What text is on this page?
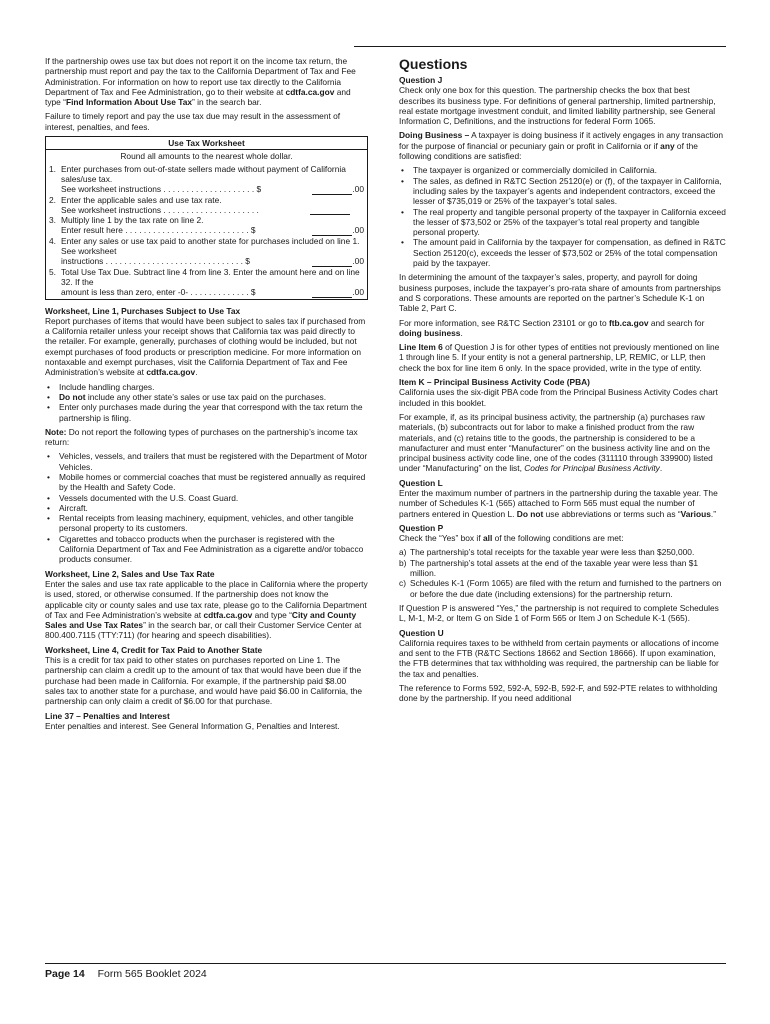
If the partnership owes use tax but does not report it on the income tax return, the partnership must report and pay the tax to the California Department of Tax and Fee Administration. For information on how to report use tax directly to the California Department of Tax and Fee Administration, go to their website at cdtfa.ca.gov and type “Find Information About Use Tax” in the search bar.

Failure to timely report and pay the use tax due may result in the assessment of interest, penalties, and fees.

Use Tax Worksheet
Round all amounts to the nearest whole dollar.
1. Enter purchases from out-of-state sellers made without payment of California sales/use tax.
See worksheet instructions . . . . . . . . . . . . . . . . . . . . $	.00
2. Enter the applicable sales and use tax rate.
See worksheet instructions . . . . . . . . . . . . . . . . . . . . .
3. Multiply line 1 by the tax rate on line 2.
Enter result here . . . . . . . . . . . . . . . . . . . . . . . . . . . $	.00
4. Enter any sales or use tax paid to another state for purchases included on line 1. See worksheet
instructions . . . . . . . . . . . . . . . . . . . . . . . . . . . . . . $	.00
5. Total Use Tax Due. Subtract line 4 from line 3. Enter the amount here and on line 32. If the
amount is less than zero, enter -0- . . . . . . . . . . . . . $	.00
Worksheet, Line 1, Purchases Subject to Use Tax

Report purchases of items that would have been subject to sales tax if purchased from a California retailer unless your receipt shows that California tax was paid directly to the retailer. For example, generally, purchases of clothing would be included, but not exempt purchases of food products or prescription medicine. For more information on nontaxable and exempt purchases, visit the California Department of Tax and Fee Administration’s website at cdtfa.ca.gov.

• Include handling charges.
• Do not include any other state’s sales or use tax paid on the purchases.
• Enter only purchases made during the year that correspond with the tax return the partnership is filing.

Note: Do not report the following types of purchases on the partnership’s income tax return:

• Vehicles, vessels, and trailers that must be registered with the Department of Motor Vehicles.
• Mobile homes or commercial coaches that must be registered annually as required by the Health and Safety Code.
• Vessels documented with the U.S. Coast Guard.
• Aircraft.
• Rental receipts from leasing machinery, equipment, vehicles, and other tangible personal property to its customers.
• Cigarettes and tobacco products when the purchaser is registered with the California Department of Tax and Fee Administration as a cigarette and/or tobacco products consumer.
Worksheet, Line 2, Sales and Use Tax Rate

Enter the sales and use tax rate applicable to the place in California where the property is used, stored, or otherwise consumed. If the partnership does not know the applicable city or county sales and use tax rate, please go to the California Department of Tax and Fee Administration’s website at cdtfa.ca.gov and type “City and County Sales and Use Tax Rates” in the search bar, or call their Customer Service Center at 800.400.7115 (TTY:711) (for hearing and speech disabilities).

Worksheet, Line 4, Credit for Tax Paid to Another State

This is a credit for tax paid to other states on purchases reported on Line 1. The partnership can claim a credit up to the amount of tax that would have been due if the purchase had been made in California. For example, if the partnership paid $8.00 sales tax to another state for a purchase, and would have paid $6.00 in California, the partnership can only claim a credit of $6.00 for that purchase.

Line 37 – Penalties and Interest

Enter penalties and interest. See General Information G, Penalties and Interest.

Questions
Question J

Check only one box for this question. The partnership checks the box that best describes its business type. For definitions of general partnership, limited partnership, real estate mortgage investment conduit, and limited liability partnership, see General Information C, Definitions, and the instructions for federal Form 1065.

Doing Business – A taxpayer is doing business if it actively engages in any transaction for the purpose of financial or pecuniary gain or profit in California or if any of the following conditions are satisfied:

• The taxpayer is organized or commercially domiciled in California.
• The sales, as defined in R&TC Section 25120(e) or (f), of the taxpayer in California, including sales by the taxpayer’s agents and independent contractors, exceed the lesser of $735,019 or 25% of the taxpayer’s total sales.
• The real property and tangible personal property of the taxpayer in California exceed the lesser of $73,502 or 25% of the taxpayer’s total real property and tangible personal property.
• The amount paid in California by the taxpayer for compensation, as defined in R&TC Section 25120(c), exceeds the lesser of $73,502 or 25% of the total compensation paid by the taxpayer.

In determining the amount of the taxpayer’s sales, property, and payroll for doing business purposes, include the taxpayer’s pro-rata share of amounts from partnerships and S corporations. These amounts are reported on the partner’s Schedule K-1 on Table 2, Part C.

For more information, see R&TC Section 23101 or go to ftb.ca.gov and search for doing business.

Line Item 6 of Question J is for other types of entities not previously mentioned on line 1 through line 5. If your entity is not a general partnership, LP, REMIC, or LLP, then check the box for line item 6 only. In the space provided, write in the type of entity.

Item K – Principal Business Activity Code (PBA)

California uses the six-digit PBA code from the Principal Business Activity Codes chart included in this booklet.

For example, if, as its principal business activity, the partnership (a) purchases raw materials, (b) subcontracts out for labor to make a finished product from the raw materials, and (c) retains title to the goods, the partnership is considered to be a manufacturer and must enter “Manufacturer” on the business activity line and on the principal business activity code line, one of the codes (311110 through 339900) listed under “Manufacturing” on the list, Codes for Principal Business Activity.

Question L

Enter the maximum number of partners in the partnership during the taxable year. The number of Schedules K-1 (565) attached to Form 565 must equal the number of partners entered in Question L. Do not use abbreviations or terms such as “Various.”

Question P

Check the “Yes” box if all of the following conditions are met:

a) The partnership’s total receipts for the taxable year were less than $250,000.
b) The partnership’s total assets at the end of the taxable year were less than $1 million.
c) Schedules K-1 (Form 1065) are filed with the return and furnished to the partners on or before the due date (including extensions) for the partnership return.

If Question P is answered “Yes,” the partnership is not required to complete Schedules L, M-1, M-2, or Item G on Side 1 of Form 565 or Item J on Schedule K-1 (565).

Question U

California requires taxes to be withheld from certain payments or allocations of income and sent to the FTB (R&TC Sections 18662 and Section 18666). If upon examination, the FTB determines that tax withholding was required, the partnership can be liable for the tax and penalties.

The reference to Forms 592, 592-A, 592-B, 592-F, and 592-PTE relates to withholding done by the partnership. If you need additional

Page 14 Form 565 Booklet 2024
